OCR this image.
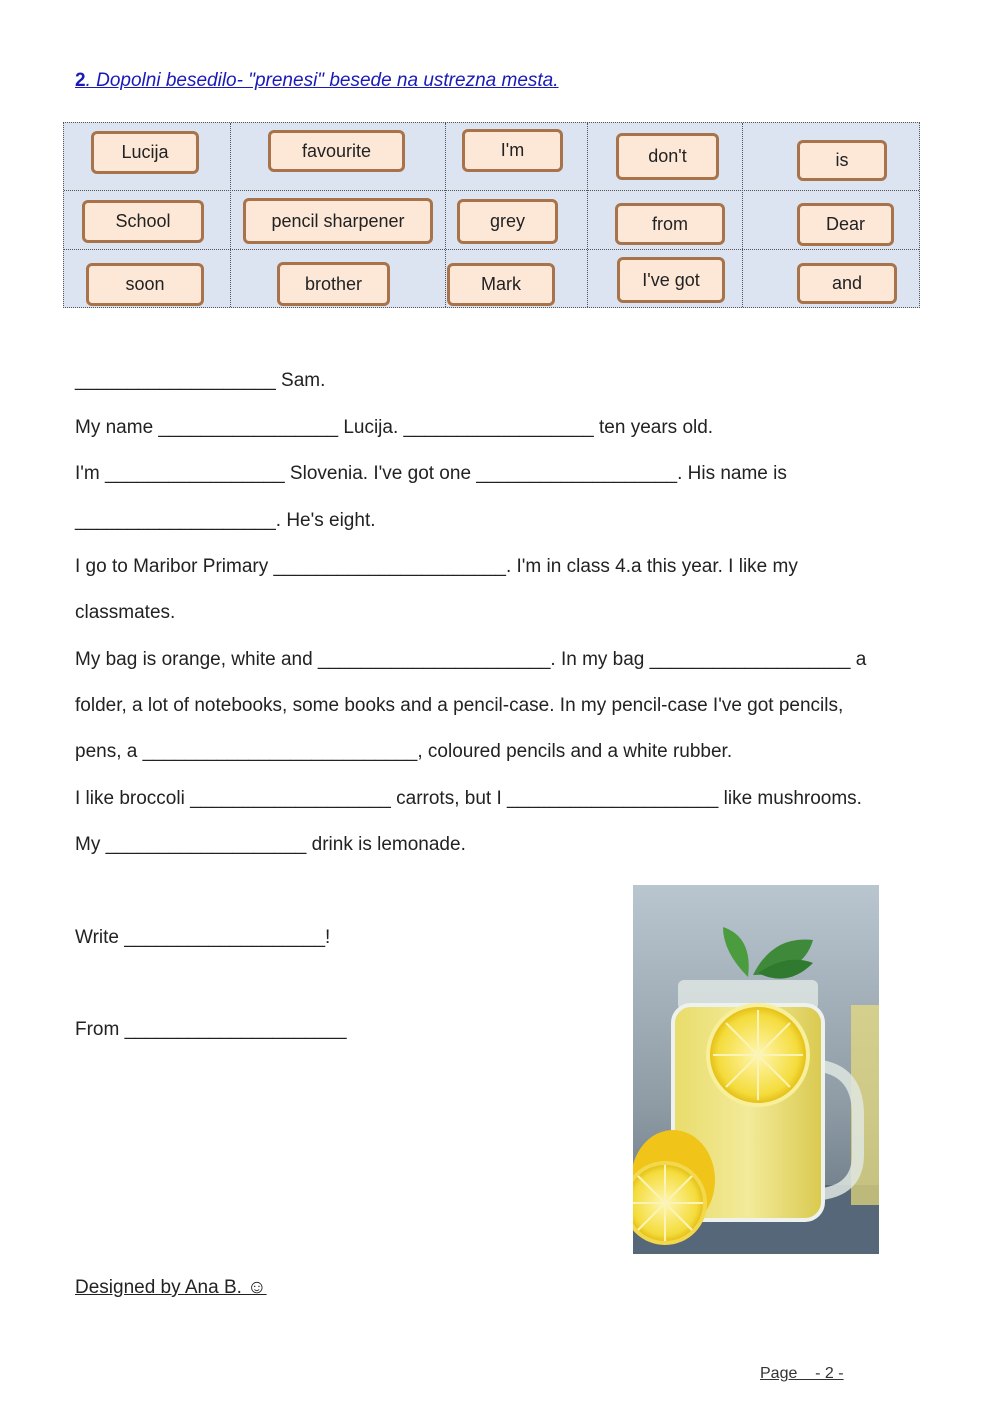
2. Dopolni besedilo- "prenesi" besede na ustrezna mesta.
Lucija	favourite	I'm	don't	is
School	pencil sharpener	grey	from	Dear
soon	brother	Mark	I've got	and
___________________ Sam.
My name _________________ Lucija. __________________ ten years old.
I'm _________________ Slovenia. I've got one ___________________. His name is
___________________. He's eight.
I go to Maribor Primary ______________________. I'm in class 4.a this year. I like my
classmates.
My bag is orange, white and ______________________. In my bag ___________________ a
folder, a lot of notebooks, some books and a pencil-case. In my pencil-case I've got pencils,
pens, a __________________________, coloured pencils and a white rubber.
I like broccoli ___________________ carrots, but I ____________________ like mushrooms.
My ___________________ drink is lemonade.
Write ___________________!
From _____________________
Designed by Ana B. ☺
Page    - 2 -
